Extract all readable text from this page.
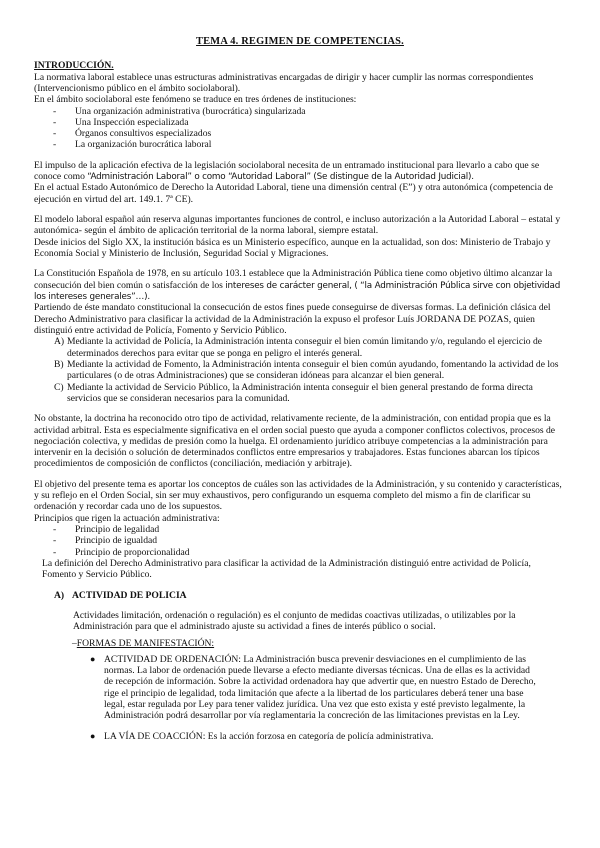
TEMA 4. REGIMEN DE COMPETENCIAS.

INTRODUCCIÓN.

La normativa laboral establece unas estructuras administrativas encargadas de dirigir y hacer cumplir las normas correspondientes (Intervencionismo público en el ámbito sociolaboral).

En el ámbito sociolaboral este fenómeno se traduce en tres órdenes de instituciones:

- Una organización administrativa (burocrática) singularizada
- Una Inspección especializada
- Órganos consultivos especializados
- La organización burocrática laboral

El impulso de la aplicación efectiva de la legislación sociolaboral necesita de un entramado institucional para llevarlo a cabo que se conoce como “Administración Laboral” o como “Autoridad Laboral” (Se distingue de la Autoridad Judicial).

En el actual Estado Autonómico de Derecho la Autoridad Laboral, tiene una dimensión central (E”) y otra autonómica (competencia de ejecución en virtud del art. 149.1. 7ª CE).

El modelo laboral español aún reserva algunas importantes funciones de control, e incluso autorización a la Autoridad Laboral – estatal y autonómica- según el ámbito de aplicación territorial de la norma laboral, siempre estatal.

Desde inicios del Siglo XX, la institución básica es un Ministerio específico, aunque en la actualidad, son dos: Ministerio de Trabajo y Economía Social y Ministerio de Inclusión, Seguridad Social y Migraciones.

La Constitución Española de 1978, en su artículo 103.1 establece que la Administración Pública tiene como objetivo último alcanzar la consecución del bien común o satisfacción de los intereses de carácter general, ( “la Administración Pública sirve con objetividad los intereses generales”…).

Partiendo de éste mandato constitucional la consecución de estos fines puede conseguirse de diversas formas. La definición clásica del Derecho Administrativo para clasificar la actividad de la Administración la expuso el profesor Luís JORDANA DE POZAS, quien distinguió entre actividad de Policía, Fomento y Servicio Público.

A) Mediante la actividad de Policía, la Administración intenta conseguir el bien común limitando y/o, regulando el ejercicio de determinados derechos para evitar que se ponga en peligro el interés general.
B) Mediante la actividad de Fomento, la Administración intenta conseguir el bien común ayudando, fomentando la actividad de los particulares (o de otras Administraciones) que se consideran idóneas para alcanzar el bien general.
C) Mediante la actividad de Servicio Público, la Administración intenta conseguir el bien general prestando de forma directa servicios que se consideran necesarios para la comunidad.

No obstante, la doctrina ha reconocido otro tipo de actividad, relativamente reciente, de la administración, con entidad propia que es la actividad arbitral. Esta es especialmente significativa en el orden social puesto que ayuda a componer conflictos colectivos, procesos de negociación colectiva, y medidas de presión como la huelga. El ordenamiento jurídico atribuye competencias a la administración para intervenir en la decisión o solución de determinados conflictos entre empresarios y trabajadores. Estas funciones abarcan los típicos procedimientos de composición de conflictos (conciliación, mediación y arbitraje).

El objetivo del presente tema es aportar los conceptos de cuáles son las actividades de la Administración, y su contenido y características, y su reflejo en el Orden Social, sin ser muy exhaustivos, pero configurando un esquema completo del mismo a fin de clarificar su ordenación y recordar cada uno de los supuestos.

Principios que rigen la actuación administrativa:

- Principio de legalidad
- Principio de igualdad
- Principio de proporcionalidad

La definición del Derecho Administrativo para clasificar la actividad de la Administración distinguió entre actividad de Policía, Fomento y Servicio Público.

A) ACTIVIDAD DE POLICIA

Actividades limitación, ordenación o regulación) es el conjunto de medidas coactivas utilizadas, o utilizables por la Administración para que el administrado ajuste su actividad a fines de interés público o social.

–FORMAS DE MANIFESTACIÓN:

● ACTIVIDAD DE ORDENACIÓN: La Administración busca prevenir desviaciones en el cumplimiento de las normas. La labor de ordenación puede llevarse a efecto mediante diversas técnicas. Una de ellas es la actividad de recepción de información. Sobre la actividad ordenadora hay que advertir que, en nuestro Estado de Derecho, rige el principio de legalidad, toda limitación que afecte a la libertad de los particulares deberá tener una base legal, estar regulada por Ley para tener validez jurídica. Una vez que esto exista y esté previsto legalmente, la Administración podrá desarrollar por vía reglamentaria la concreción de las limitaciones previstas en la Ley.
● LA VÍA DE COACCIÓN: Es la acción forzosa en categoría de policía administrativa.
